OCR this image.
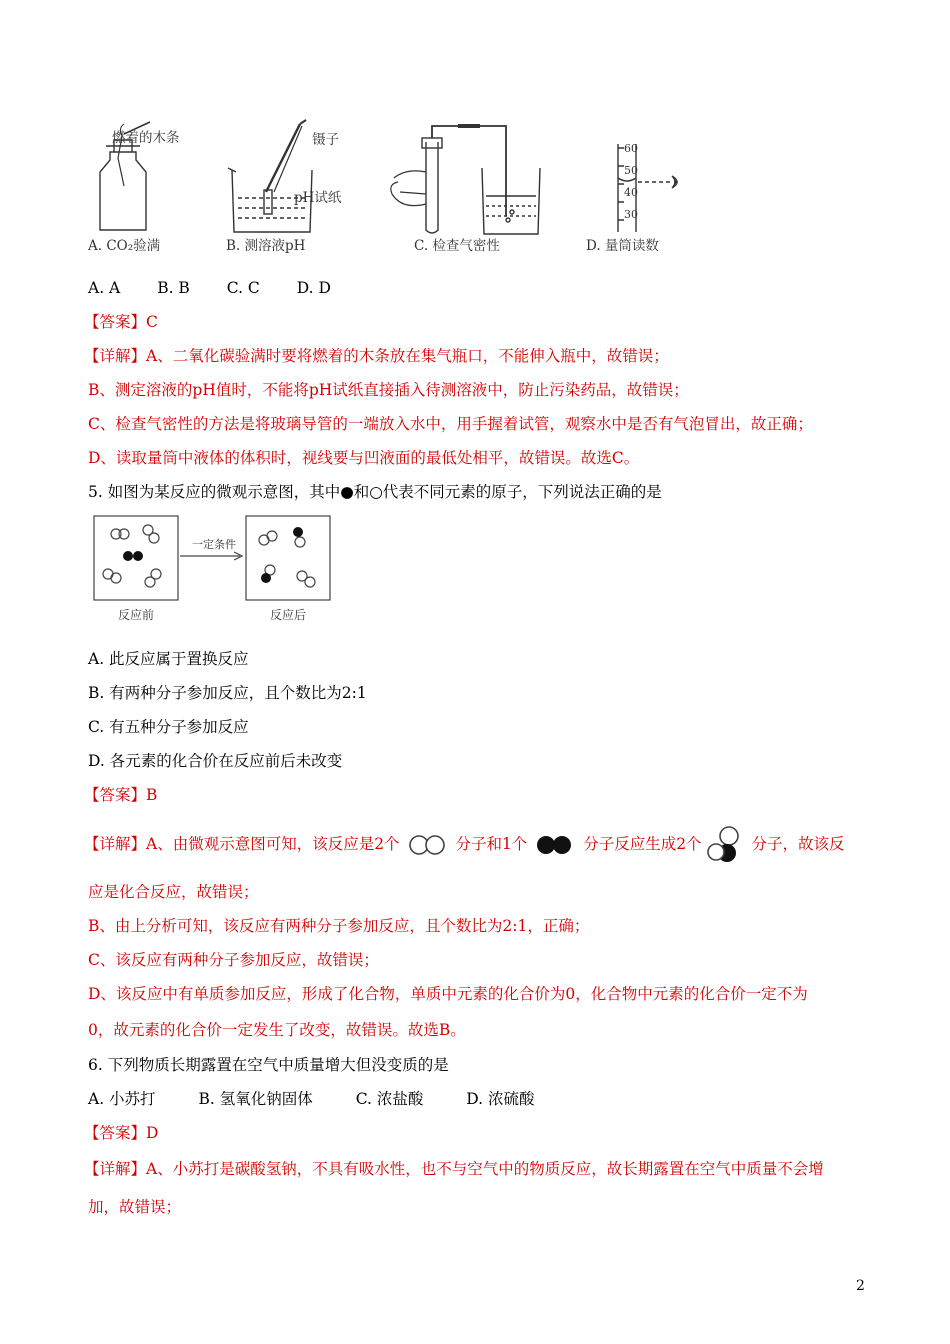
燃着的木条	镊子
pH试纸
60
50
40
30
A. CO₂验满	B. 测溶液pH	C. 检查气密性	D. 量筒读数
A. A B. B C. C D. D
【答案】C
【详解】A、二氧化碳验满时要将燃着的木条放在集气瓶口，不能伸入瓶中，故错误；
B、测定溶液的pH值时，不能将pH试纸直接插入待测溶液中，防止污染药品，故错误；
C、检查气密性的方法是将玻璃导管的一端放入水中，用手握着试管，观察水中是否有气泡冒出，故正确；
D、读取量筒中液体的体积时，视线要与凹液面的最低处相平，故错误。故选C。
5. 如图为某反应的微观示意图，其中●和○代表不同元素的原子，下列说法正确的是
一定条件
反应前	反应后
A. 此反应属于置换反应
B. 有两种分子参加反应，且个数比为2:1
C. 有五种分子参加反应
D. 各元素的化合价在反应前后未改变
【答案】B
【详解】A、由微观示意图可知，该反应是2个	分子和1个	分子反应生成2个	分子，故该反
应是化合反应，故错误；
B、由上分析可知，该反应有两种分子参加反应，且个数比为2:1，正确；
C、该反应有两种分子参加反应，故错误；
D、该反应中有单质参加反应，形成了化合物，单质中元素的化合价为0，化合物中元素的化合价一定不为
0，故元素的化合价一定发生了改变，故错误。故选B。
6. 下列物质长期露置在空气中质量增大但没变质的是
A. 小苏打	B. 氢氧化钠固体	C. 浓盐酸	D. 浓硫酸
【答案】D
【详解】A、小苏打是碳酸氢钠，不具有吸水性，也不与空气中的物质反应，故长期露置在空气中质量不会增
加，故错误；
2
